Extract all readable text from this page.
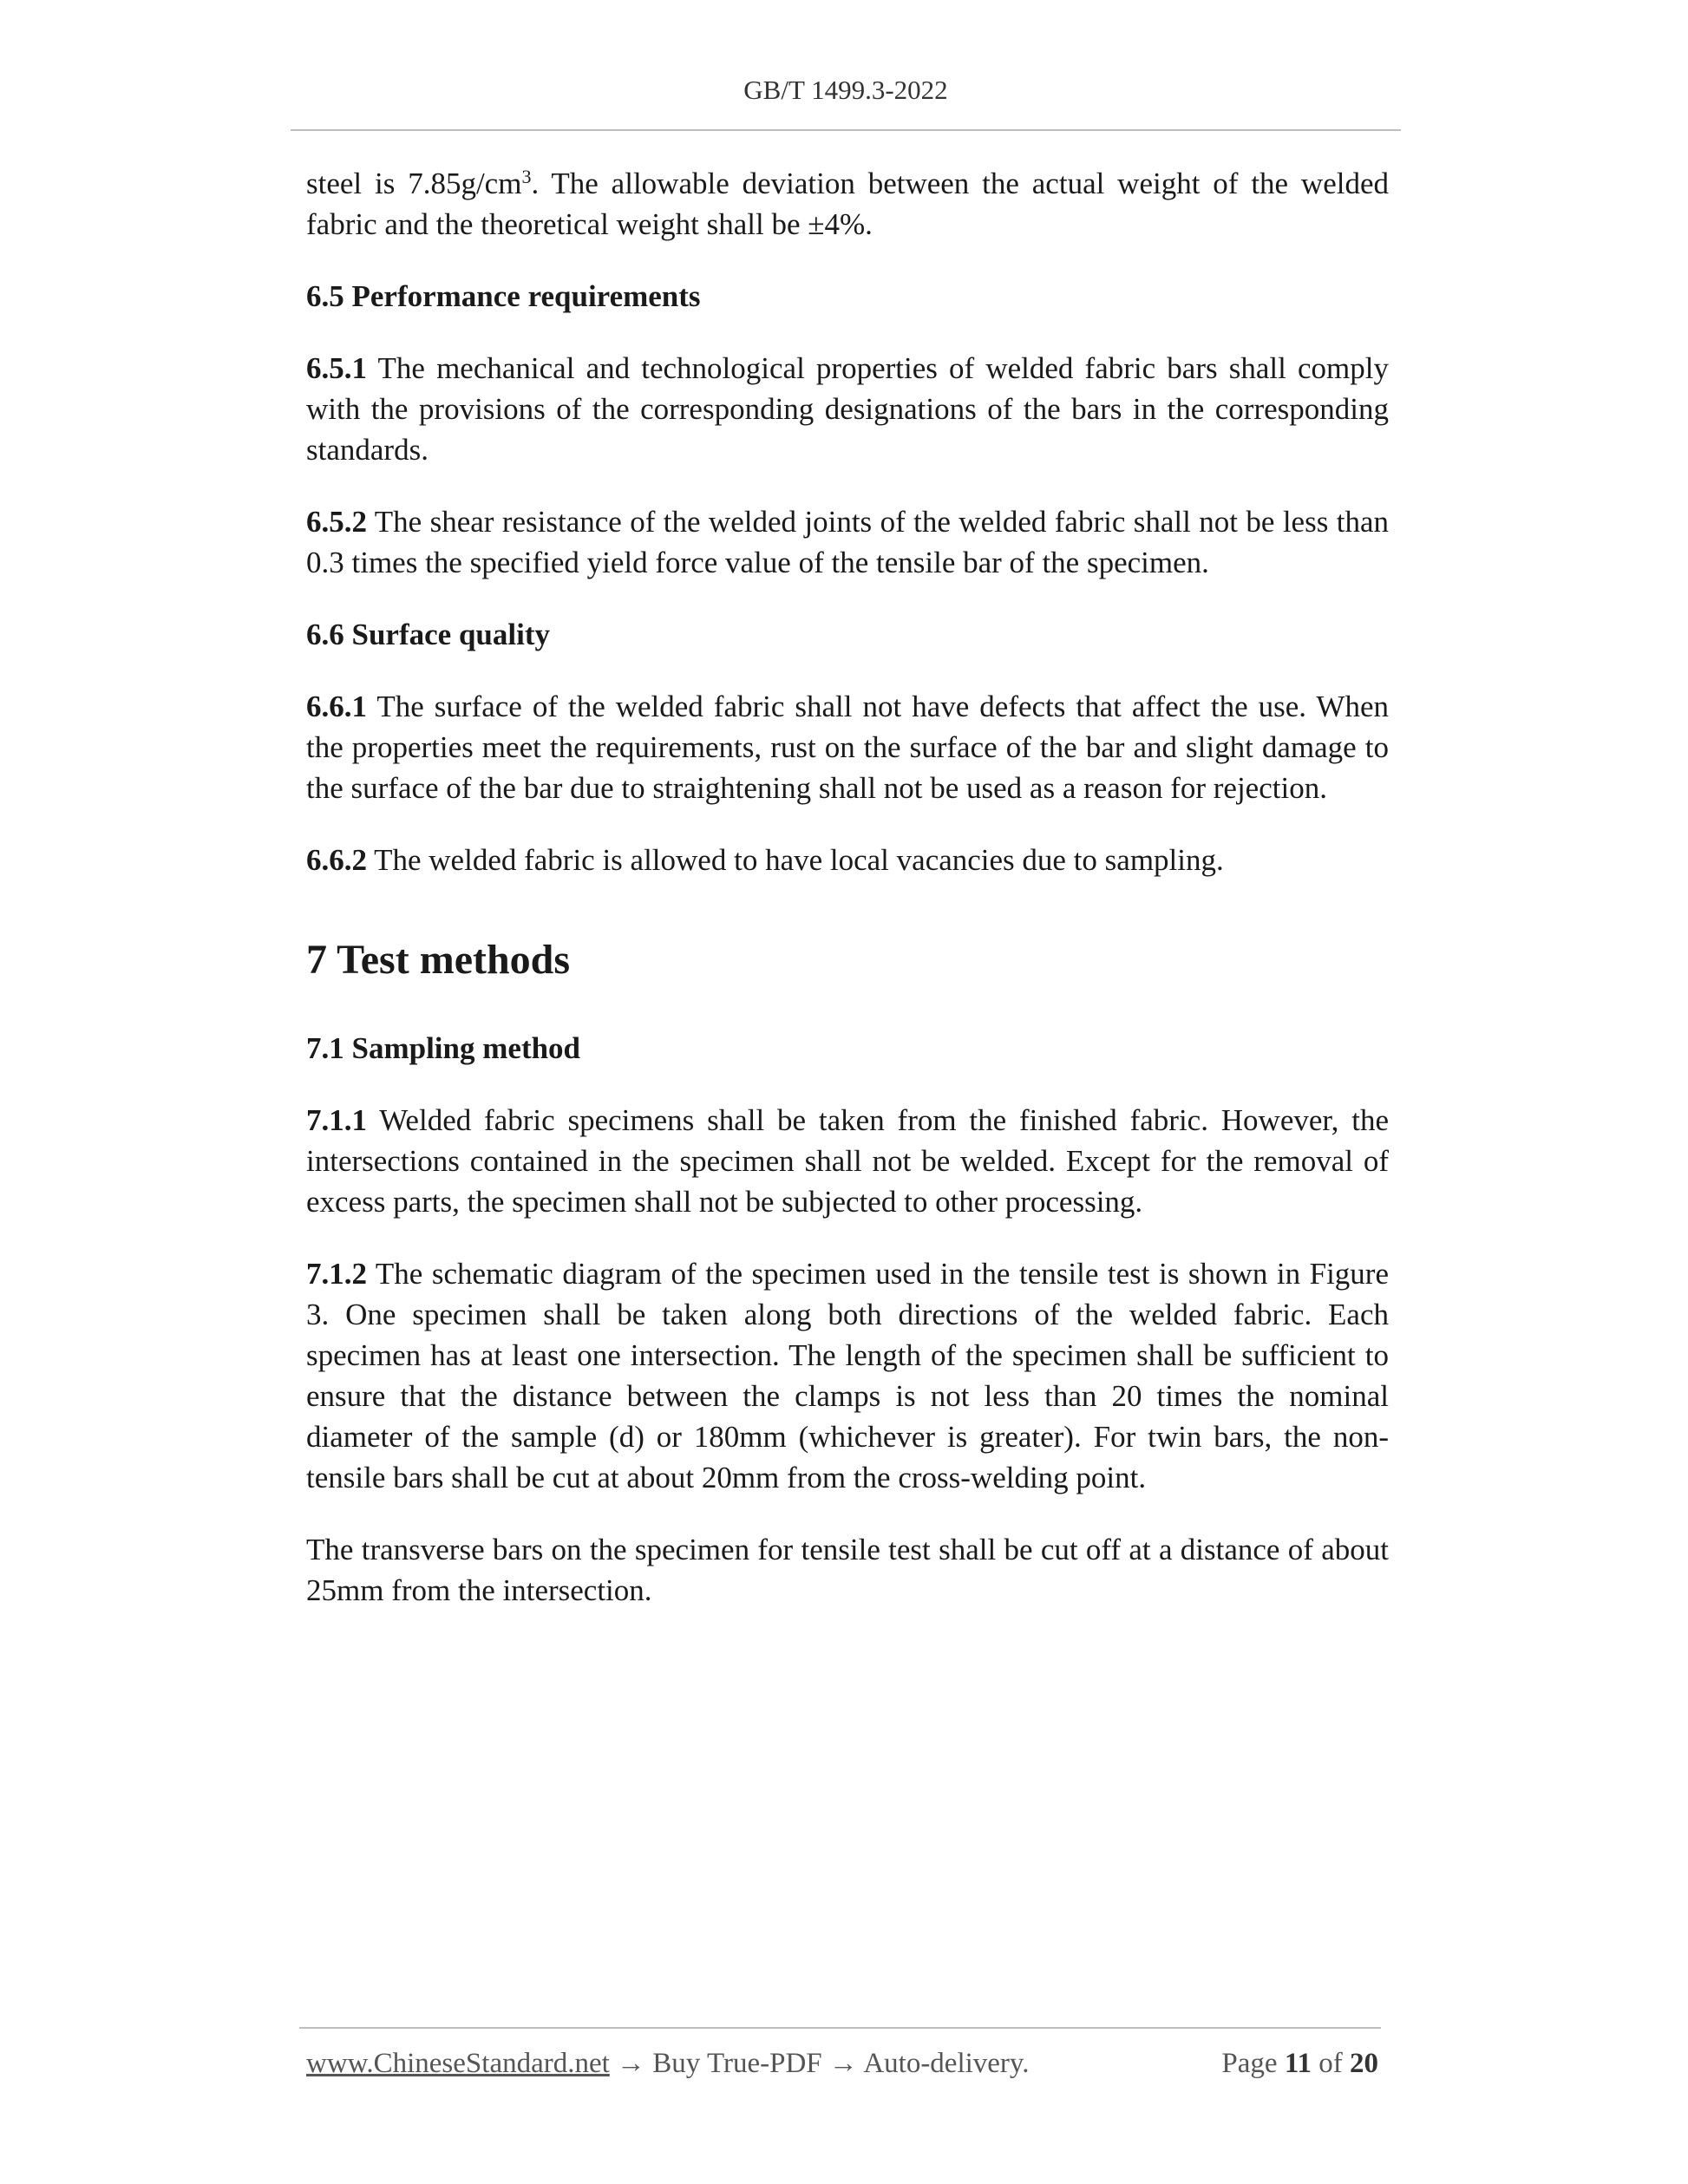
GB/T 1499.3-2022

steel is $7.85g/cm^3$. The allowable deviation between the actual weight of the welded fabric and the theoretical weight shall be ±4%.

6.5 Performance requirements

6.5.1 The mechanical and technological properties of welded fabric bars shall comply with the provisions of the corresponding designations of the bars in the corresponding standards.

6.5.2 The shear resistance of the welded joints of the welded fabric shall not be less than 0.3 times the specified yield force value of the tensile bar of the specimen.

6.6 Surface quality

6.6.1 The surface of the welded fabric shall not have defects that affect the use. When the properties meet the requirements, rust on the surface of the bar and slight damage to the surface of the bar due to straightening shall not be used as a reason for rejection.

6.6.2 The welded fabric is allowed to have local vacancies due to sampling.

7 Test methods
7.1 Sampling method

7.1.1 Welded fabric specimens shall be taken from the finished fabric. However, the intersections contained in the specimen shall not be welded. Except for the removal of excess parts, the specimen shall not be subjected to other processing.

7.1.2 The schematic diagram of the specimen used in the tensile test is shown in Figure 3. One specimen shall be taken along both directions of the welded fabric. Each specimen has at least one intersection. The length of the specimen shall be sufficient to ensure that the distance between the clamps is not less than 20 times the nominal diameter of the sample (d) or 180mm (whichever is greater). For twin bars, the non-tensile bars shall be cut at about 20mm from the cross-welding point.

The transverse bars on the specimen for tensile test shall be cut off at a distance of about 25mm from the intersection.

www.ChineseStandard.net → Buy True-PDF → Auto-delivery.	Page 11 of 20
